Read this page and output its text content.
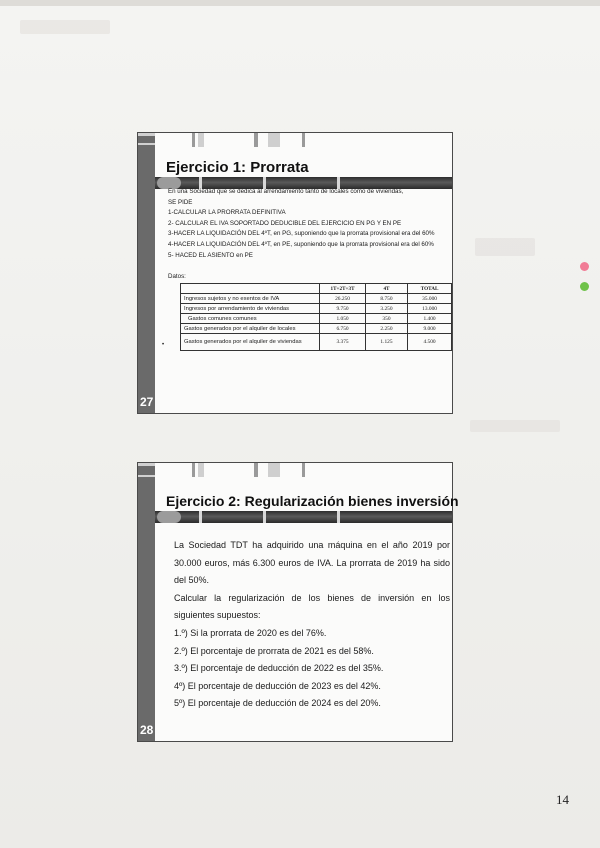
27
Ejercicio 1: Prorrata
En una Sociedad que se dedica al arrendamiento tanto de locales como de viviendas,
SE PIDE
1-CALCULAR LA PRORRATA DEFINITIVA
2- CALCULAR EL IVA SOPORTADO DEDUCIBLE DEL EJERCICIO EN PG Y EN PE
3-HACER LA LIQUIDACIÓN DEL 4ºT, en PG, suponiendo que la prorrata provisional era del 60%
4-HACER LA LIQUIDACIÓN DEL 4ºT, en PE, suponiendo que la prorrata provisional era del 60%
5- HACED EL ASIENTO en PE
Datos:
	1T+2T+3T	4T	TOTAL
Ingresos sujetos y no exentos de IVA	26.250	8.750	35.000
Ingresos por arrendamiento de viviendas	9.750	3.250	13.000
Gastos comunes comunes	1.050	350	1.400
Gastos generados por el alquiler de locales	6.750	2.250	9.000
Gastos generados por el alquiler de viviendas	3.375	1.125	4.500
•
28
Ejercicio 2: Regularización bienes inversión
La Sociedad TDT ha adquirido una máquina en el año 2019 por 30.000 euros, más 6.300 euros de IVA. La prorrata de 2019 ha sido del 50%.
Calcular la regularización de los bienes de inversión en los siguientes supuestos:
1.º) Si la prorrata de 2020 es del 76%.
2.º) El porcentaje de prorrata de 2021 es del 58%.
3.º) El porcentaje de deducción de 2022 es del 35%.
4º) El porcentaje de deducción de 2023 es del 42%.
5º) El porcentaje de deducción de 2024 es del 20%.
14
